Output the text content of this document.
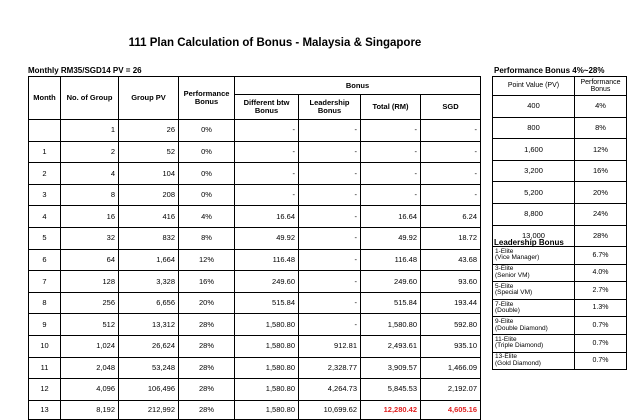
111 Plan Calculation of Bonus - Malaysia & Singapore
Monthly RM35/SGD14 PV = 26	Performance Bonus 4%~28%
Leadership Bonus
Month	No. of Group	Group PV	Performance Bonus	Bonus			
				Different btw Bonus	Leadership Bonus	Total (RM)	SGD
	1	26	0%	-	-	-	-
1	2	52	0%	-	-	-	-
2	4	104	0%	-	-	-	-
3	8	208	0%	-	-	-	-
4	16	416	4%	16.64	-	16.64	6.24
5	32	832	8%	49.92	-	49.92	18.72
6	64	1,664	12%	116.48	-	116.48	43.68
7	128	3,328	16%	249.60	-	249.60	93.60
8	256	6,656	20%	515.84	-	515.84	193.44
9	512	13,312	28%	1,580.80	-	1,580.80	592.80
10	1,024	26,624	28%	1,580.80	912.81	2,493.61	935.10
11	2,048	53,248	28%	1,580.80	2,328.77	3,909.57	1,466.09
12	4,096	106,496	28%	1,580.80	4,264.73	5,845.53	2,192.07
13	8,192	212,992	28%	1,580.80	10,699.62	12,280.42	4,605.16
Point Value (PV)	Performance Bonus
400	4%
800	8%
1,600	12%
3,200	16%
5,200	20%
8,800	24%
13,000	28%
1-Elite
(Vice Manager)	6.7%

3-Elite
(Senior VM)	4.0%

5-Elite
(Special VM)	2.7%

7-Elite
(Double)	1.3%

9-Elite
(Double Diamond)	0.7%

11-Elite
(Triple Diamond)	0.7%

13-Elite
(Gold Diamond)	0.7%
